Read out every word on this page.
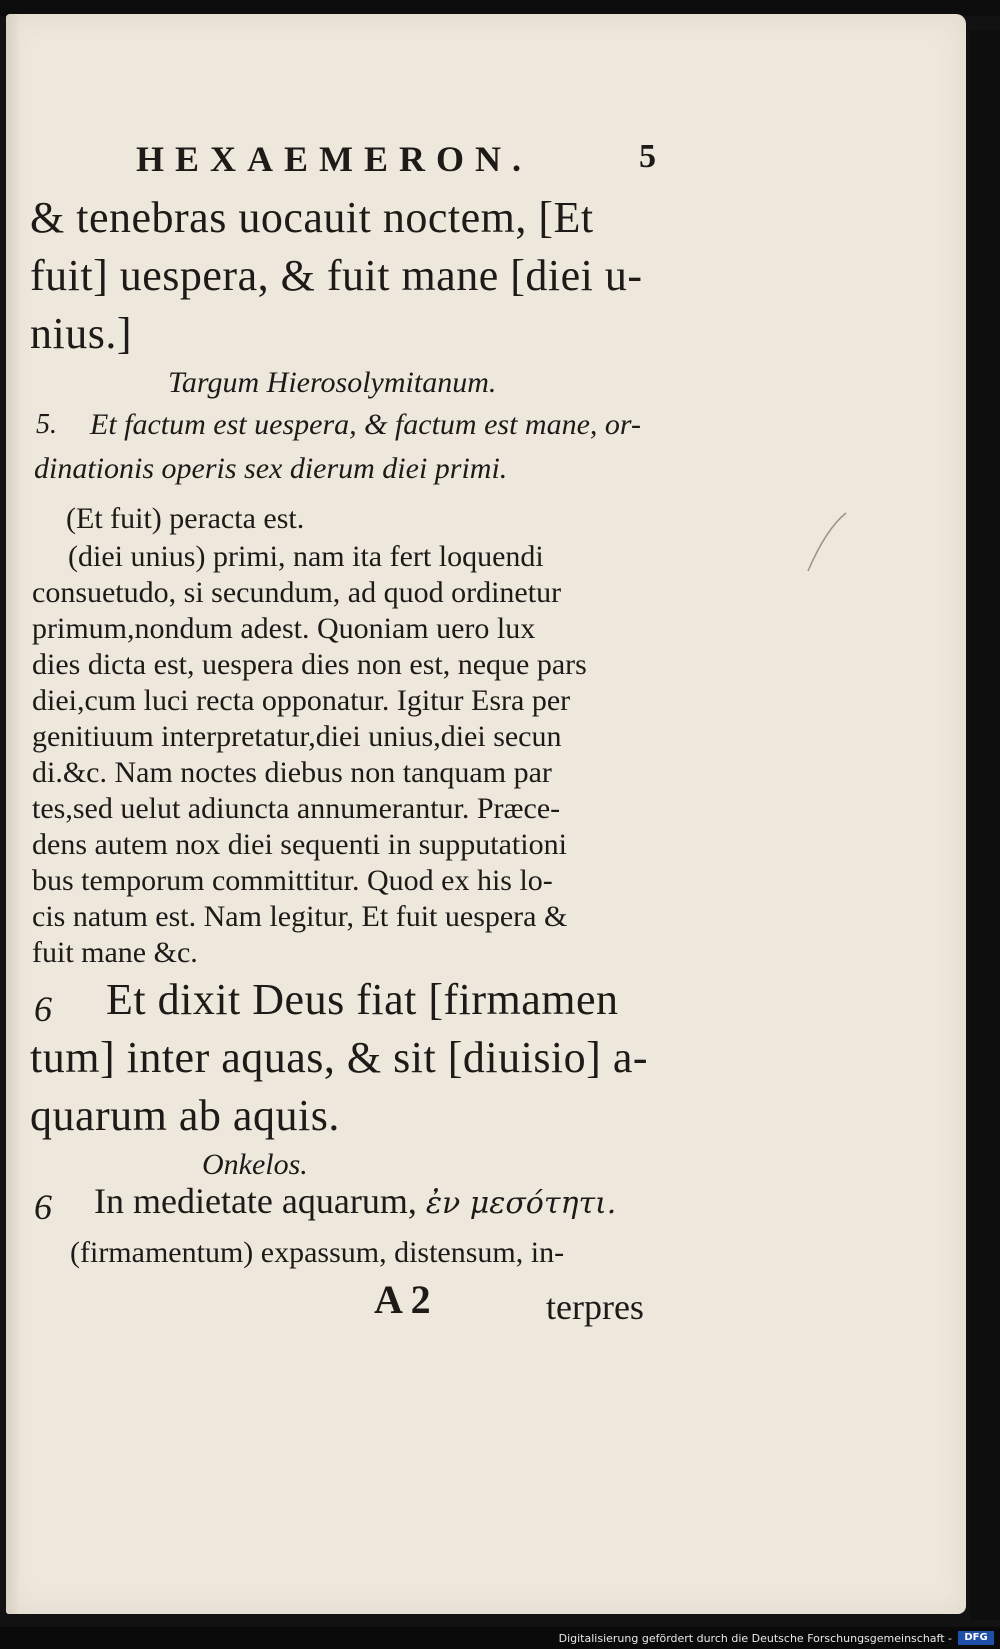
HEXAEMERON.	5

& tenebras uocauit noctem, [Et

fuit] uespera, & fuit mane [diei u-

nius.]

Targum Hierosolymitanum.

5. Et factum est uespera, & factum est mane, or-

dinationis operis sex dierum diei primi.

(Et fuit) peracta est.

(diei unius) primi, nam ita fert loquendi

consuetudo, si secundum, ad quod ordinetur

primum,nondum adest. Quoniam uero lux

dies dicta est, uespera dies non est, neque pars

diei,cum luci recta opponatur. Igitur Esra per

genitiuum interpretatur,diei unius,diei secun

di.&c. Nam noctes diebus non tanquam par

tes,sed uelut adiuncta annumerantur. Præce-

dens autem nox diei sequenti in supputationi

bus temporum committitur. Quod ex his lo-

cis natum est. Nam legitur, Et fuit uespera &

fuit mane &c.

6 Et dixit Deus fiat [firmamen

tum] inter aquas, & sit [diuisio] a-

quarum ab aquis.

Onkelos.

6 In medietate aquarum, ἐν μεσότητι.

(firmamentum) expassum, distensum, in-

A 2	terpres

Digitalisierung gefördert durch die Deutsche Forschungsgemeinschaft -	DFG
